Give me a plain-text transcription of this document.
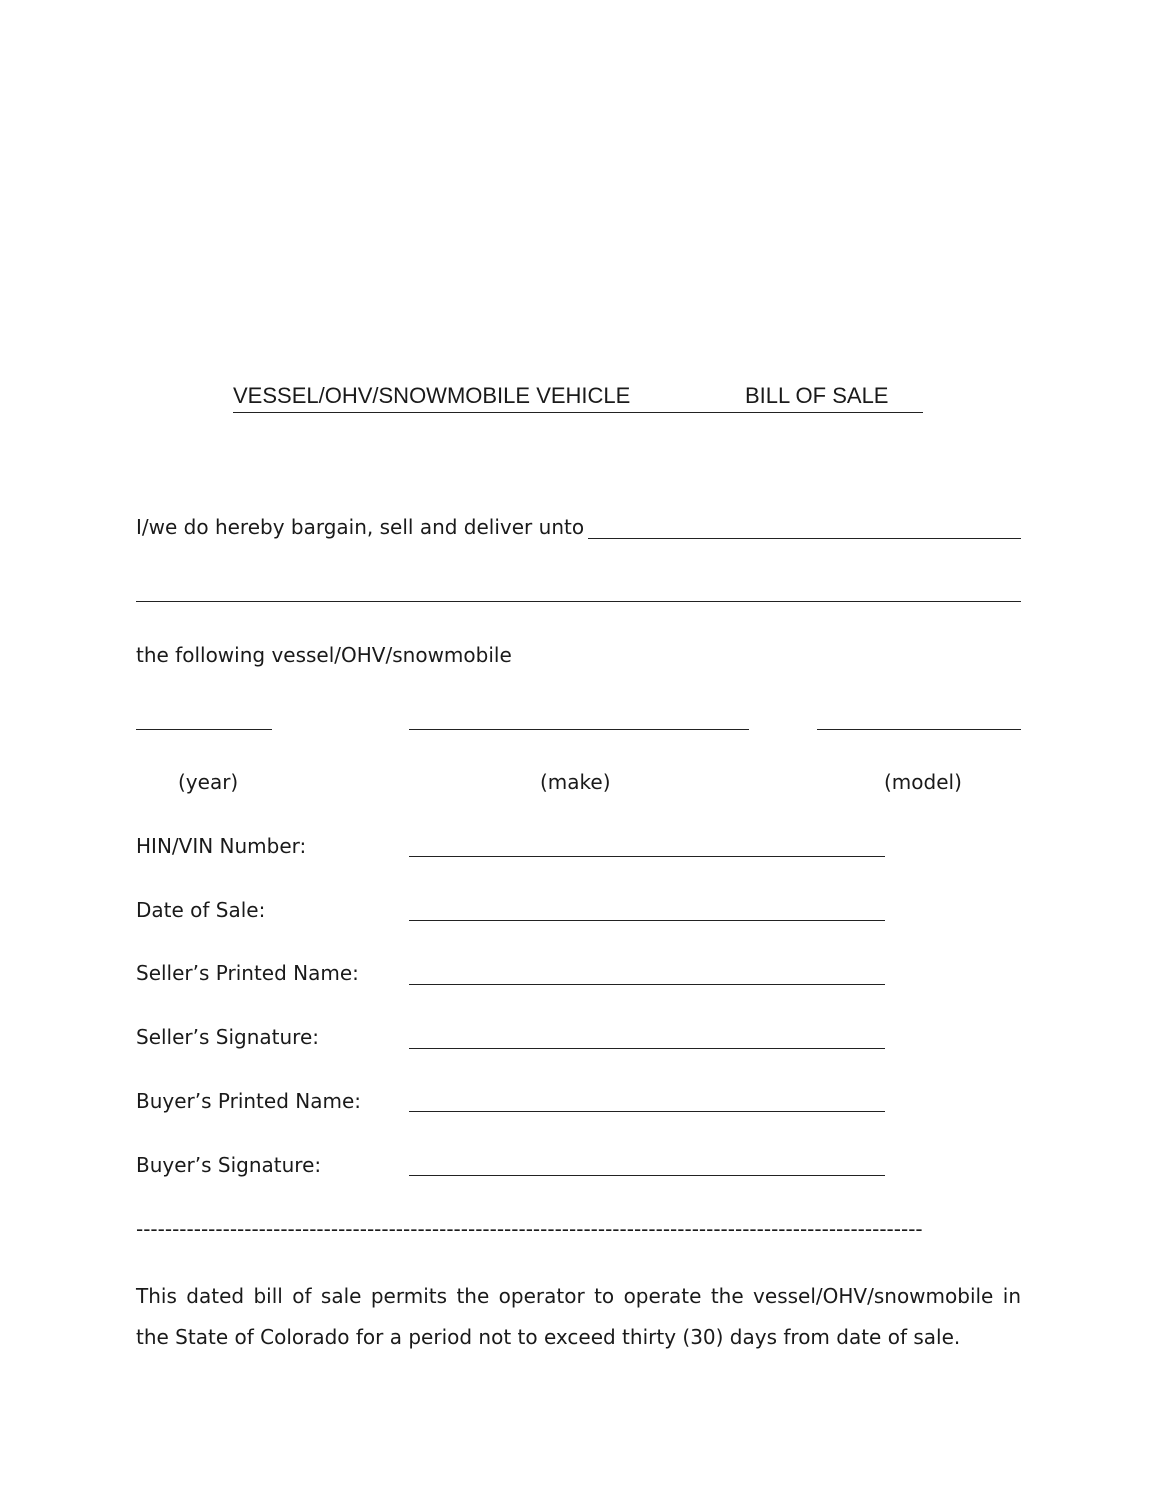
VESSEL/OHV/SNOWMOBILE VEHICLE	BILL OF SALE
I/we do hereby bargain, sell and deliver unto
the following vessel/OHV/snowmobile
(year)	(make)	(model)
HIN/VIN Number:
Date of Sale:
Seller’s Printed Name:
Seller’s Signature:
Buyer’s Printed Name:
Buyer’s Signature:
-------------------------------------------------------------------------------------------------------------
This dated bill of sale permits the operator to operate the vessel/OHV/snowmobile in the State of Colorado for a period not to exceed thirty (30) days from date of sale.
